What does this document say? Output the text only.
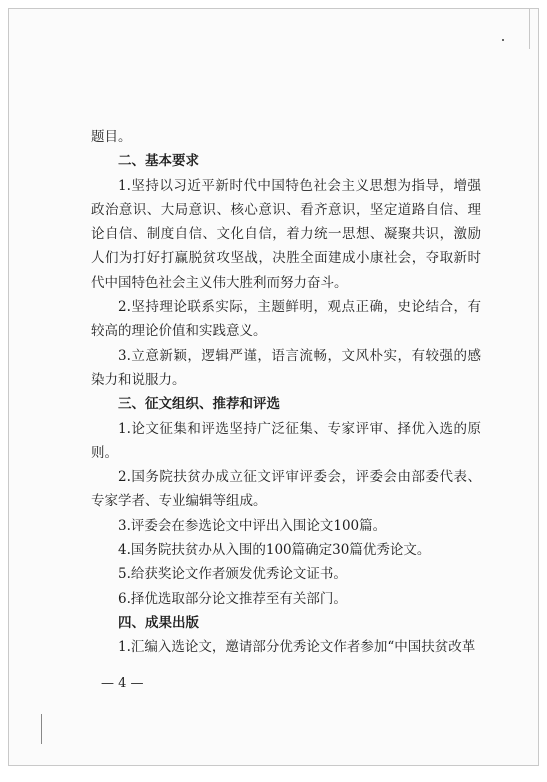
题目。

二、基本要求

1.坚持以习近平新时代中国特色社会主义思想为指导，增强政治意识、大局意识、核心意识、看齐意识，坚定道路自信、理论自信、制度自信、文化自信，着力统一思想、凝聚共识，激励人们为打好打赢脱贫攻坚战，决胜全面建成小康社会，夺取新时代中国特色社会主义伟大胜利而努力奋斗。

2.坚持理论联系实际，主题鲜明，观点正确，史论结合，有较高的理论价值和实践意义。

3.立意新颖，逻辑严谨，语言流畅，文风朴实，有较强的感染力和说服力。

三、征文组织、推荐和评选

1.论文征集和评选坚持广泛征集、专家评审、择优入选的原则。

2.国务院扶贫办成立征文评审评委会，评委会由部委代表、专家学者、专业编辑等组成。

3.评委会在参选论文中评出入围论文100篇。

4.国务院扶贫办从入围的100篇确定30篇优秀论文。

5.给获奖论文作者颁发优秀论文证书。

6.择优选取部分论文推荐至有关部门。

四、成果出版

1.汇编入选论文，邀请部分优秀论文作者参加“中国扶贫改革

— 4 —
